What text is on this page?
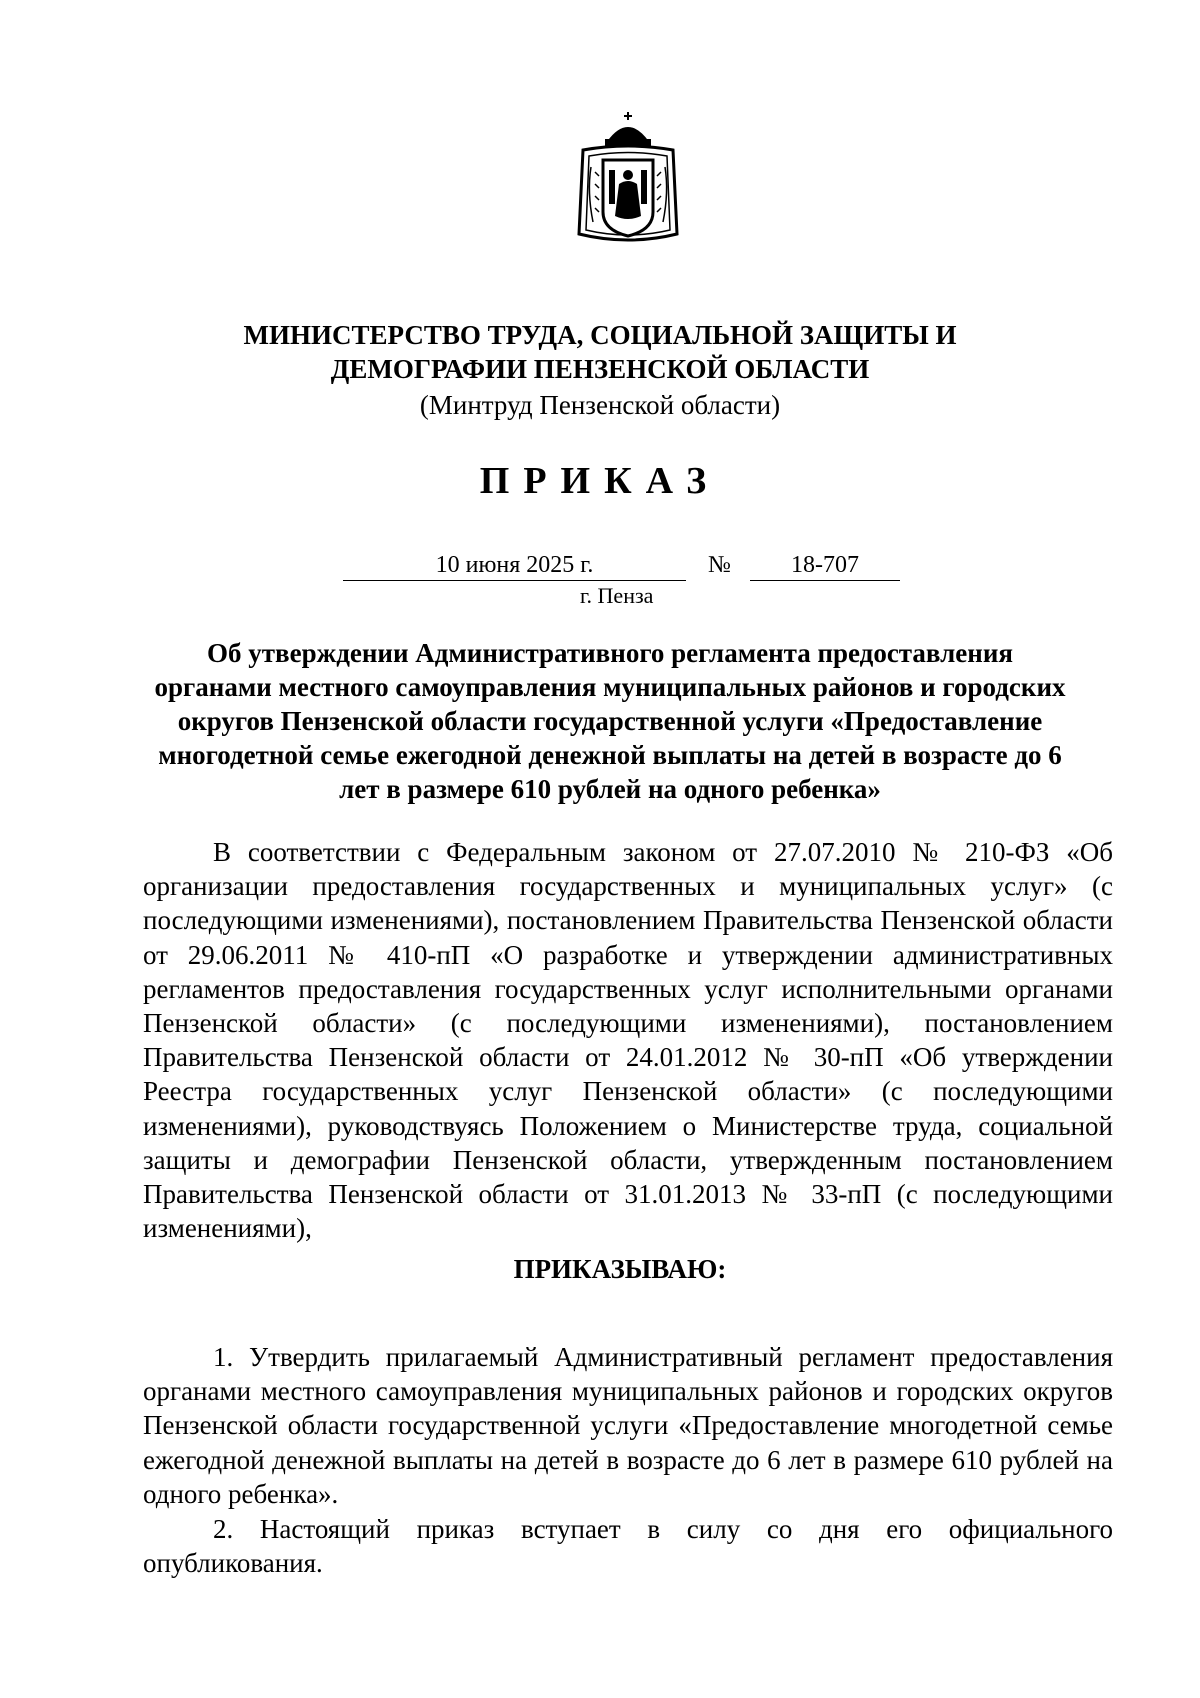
МИНИСТЕРСТВО ТРУДА, СОЦИАЛЬНОЙ ЗАЩИТЫ И
ДЕМОГРАФИИ ПЕНЗЕНСКОЙ ОБЛАСТИ
(Минтруд Пензенской области)
ПРИКАЗ
10 июня 2025 г.	№	18-707
г. Пенза
Об утверждении Административного регламента предоставления органами местного самоуправления муниципальных районов и городских округов Пензенской области государственной услуги «Предоставление многодетной семье ежегодной денежной выплаты на детей в возрасте до 6 лет в размере 610 рублей на одного ребенка»

В соответствии с Федеральным законом от 27.07.2010 № 210-ФЗ «Об организации предоставления государственных и муниципальных услуг» (с последующими изменениями), постановлением Правительства Пензенской области от 29.06.2011 № 410-пП «О разработке и утверждении административных регламентов предоставления государственных услуг исполнительными органами Пензенской области» (с последующими изменениями), постановлением Правительства Пензенской области от 24.01.2012 № 30-пП «Об утверждении Реестра государственных услуг Пензенской области» (с последующими изменениями), руководствуясь Положением о Министерстве труда, социальной защиты и демографии Пензенской области, утвержденным постановлением Правительства Пензенской области от 31.01.2013 № 33-пП (с последующими изменениями),

ПРИКАЗЫВАЮ:

1. Утвердить прилагаемый Административный регламент предоставления органами местного самоуправления муниципальных районов и городских округов Пензенской области государственной услуги «Предоставление многодетной семье ежегодной денежной выплаты на детей в возрасте до 6 лет в размере 610 рублей на одного ребенка».

2. Настоящий приказ вступает в силу со дня его официального опубликования.
